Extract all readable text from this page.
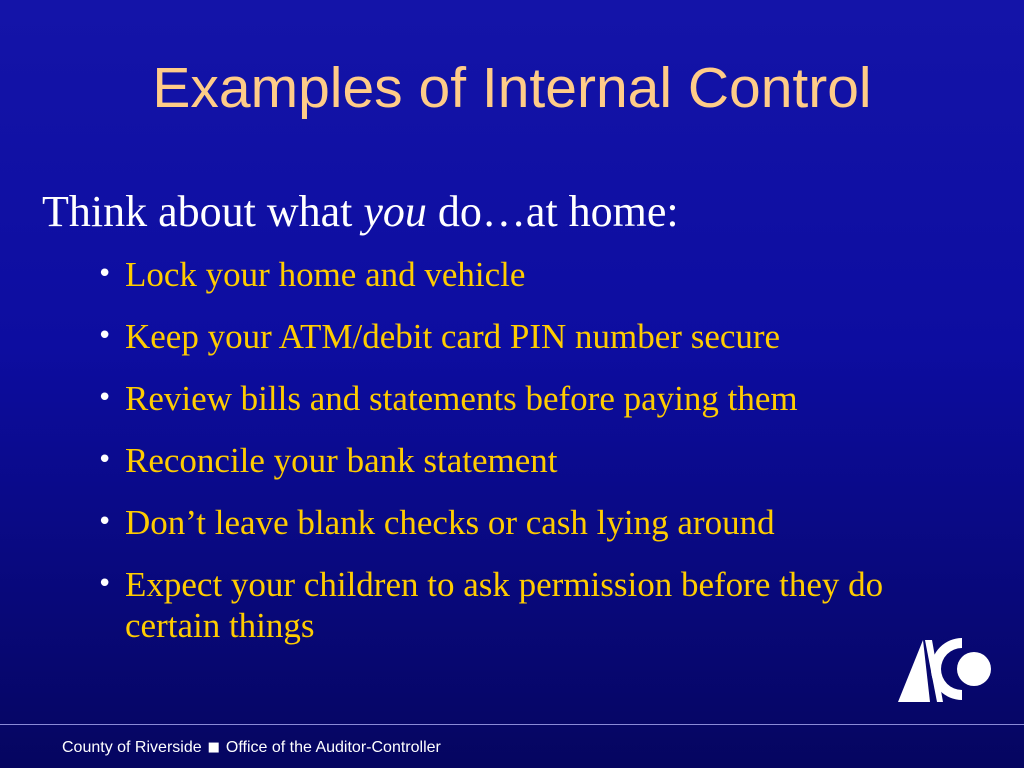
Examples of Internal Control
Think about what you do…at home:
• Lock your home and vehicle
• Keep your ATM/debit card PIN number secure
• Review bills and statements before paying them
• Reconcile your bank statement
• Don’t leave blank checks or cash lying around
• Expect your children to ask permission before they do certain things
County of Riverside ■ Office of the Auditor-Controller
